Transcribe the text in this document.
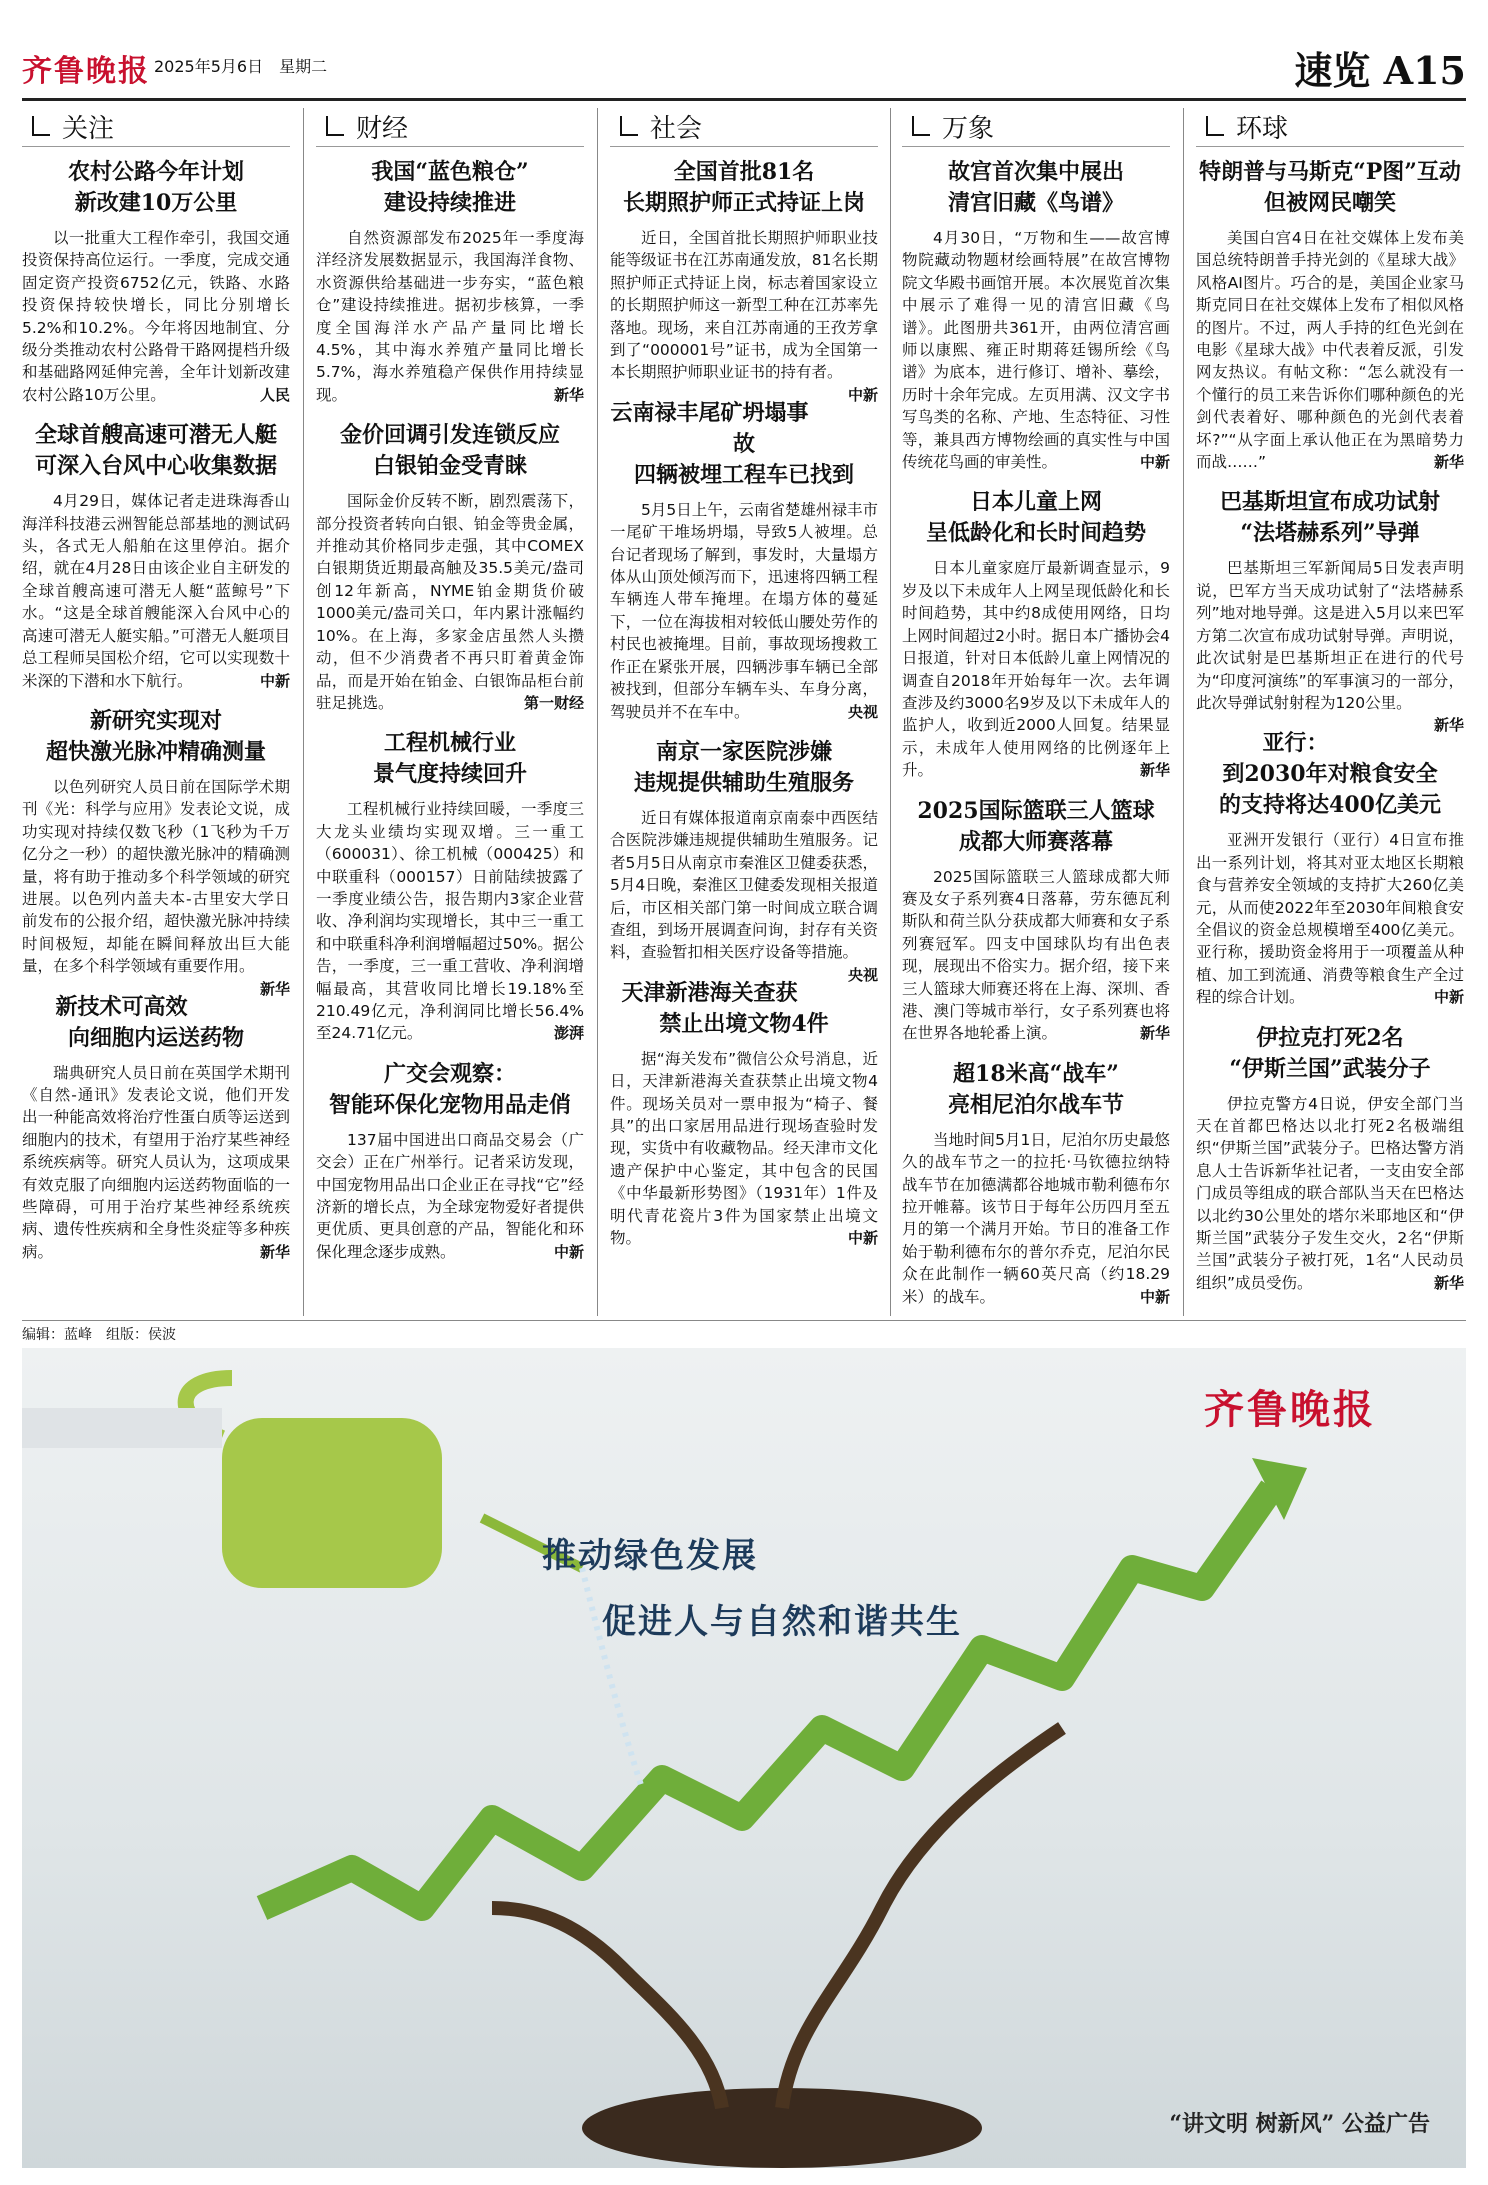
齐鲁晚报 2025年5月6日　星期二	速览 A15
关注
农村公路今年计划
新改建10万公里

以一批重大工程作牵引，我国交通投资保持高位运行。一季度，完成交通固定资产投资6752亿元，铁路、水路投资保持较快增长，同比分别增长5.2%和10.2%。今年将因地制宜、分级分类推动农村公路骨干路网提档升级和基础路网延伸完善，全年计划新改建农村公路10万公里。	人民

全球首艘高速可潜无人艇
可深入台风中心收集数据

4月29日，媒体记者走进珠海香山海洋科技港云洲智能总部基地的测试码头，各式无人船舶在这里停泊。据介绍，就在4月28日由该企业自主研发的全球首艘高速可潜无人艇“蓝鲸号”下水。“这是全球首艘能深入台风中心的高速可潜无人艇实船。”可潜无人艇项目总工程师吴国松介绍，它可以实现数十米深的下潜和水下航行。	中新

新研究实现对
超快激光脉冲精确测量

以色列研究人员日前在国际学术期刊《光：科学与应用》发表论文说，成功实现对持续仅数飞秒（1飞秒为千万亿分之一秒）的超快激光脉冲的精确测量，将有助于推动多个科学领域的研究进展。以色列内盖夫本-古里安大学日前发布的公报介绍，超快激光脉冲持续时间极短，却能在瞬间释放出巨大能量，在多个科学领域有重要作用。
新华

新技术可高效
向细胞内运送药物

瑞典研究人员日前在英国学术期刊《自然-通讯》发表论文说，他们开发出一种能高效将治疗性蛋白质等运送到细胞内的技术，有望用于治疗某些神经系统疾病等。研究人员认为，这项成果有效克服了向细胞内运送药物面临的一些障碍，可用于治疗某些神经系统疾病、遗传性疾病和全身性炎症等多种疾病。	新华

财经
我国“蓝色粮仓”
建设持续推进

自然资源部发布2025年一季度海洋经济发展数据显示，我国海洋食物、水资源供给基础进一步夯实，“蓝色粮仓”建设持续推进。据初步核算，一季度全国海洋水产品产量同比增长4.5%，其中海水养殖产量同比增长5.7%，海水养殖稳产保供作用持续显现。	新华

金价回调引发连锁反应
白银铂金受青睐

国际金价反转不断，剧烈震荡下，部分投资者转向白银、铂金等贵金属，并推动其价格同步走强，其中COMEX白银期货近期最高触及35.5美元/盎司创12年新高，NYME铂金期货价破1000美元/盎司关口，年内累计涨幅约10%。在上海，多家金店虽然人头攒动，但不少消费者不再只盯着黄金饰品，而是开始在铂金、白银饰品柜台前驻足挑选。	第一财经

工程机械行业
景气度持续回升

工程机械行业持续回暖，一季度三大龙头业绩均实现双增。三一重工（600031）、徐工机械（000425）和中联重科（000157）日前陆续披露了一季度业绩公告，报告期内3家企业营收、净利润均实现增长，其中三一重工和中联重科净利润增幅超过50%。据公告，一季度，三一重工营收、净利润增幅最高，其营收同比增长19.18%至210.49亿元，净利润同比增长56.4%至24.71亿元。	澎湃

广交会观察：
智能环保化宠物用品走俏

137届中国进出口商品交易会（广交会）正在广州举行。记者采访发现，中国宠物用品出口企业正在寻找“它”经济新的增长点，为全球宠物爱好者提供更优质、更具创意的产品，智能化和环保化理念逐步成熟。	中新

社会
全国首批81名
长期照护师正式持证上岗

近日，全国首批长期照护师职业技能等级证书在江苏南通发放，81名长期照护师正式持证上岗，标志着国家设立的长期照护师这一新型工种在江苏率先落地。现场，来自江苏南通的王孜芳拿到了“000001号”证书，成为全国第一本长期照护师职业证书的持有者。
中新

云南禄丰尾矿坍塌事故
四辆被埋工程车已找到

5月5日上午，云南省楚雄州禄丰市一尾矿干堆场坍塌，导致5人被埋。总台记者现场了解到，事发时，大量塌方体从山顶处倾泻而下，迅速将四辆工程车辆连人带车掩埋。在塌方体的蔓延下，一位在海拔相对较低山腰处劳作的村民也被掩埋。目前，事故现场搜救工作正在紧张开展，四辆涉事车辆已全部被找到，但部分车辆车头、车身分离，驾驶员并不在车中。	央视

南京一家医院涉嫌
违规提供辅助生殖服务

近日有媒体报道南京南泰中西医结合医院涉嫌违规提供辅助生殖服务。记者5月5日从南京市秦淮区卫健委获悉，5月4日晚，秦淮区卫健委发现相关报道后，市区相关部门第一时间成立联合调查组，到场开展调查问询，封存有关资料，查验暂扣相关医疗设备等措施。
央视

天津新港海关查获
禁止出境文物4件

据“海关发布”微信公众号消息，近日，天津新港海关查获禁止出境文物4件。现场关员对一票申报为“椅子、餐具”的出口家居用品进行现场查验时发现，实货中有收藏物品。经天津市文化遗产保护中心鉴定，其中包含的民国《中华最新形势图》（1931年）1件及明代青花瓷片3件为国家禁止出境文物。	中新

万象
故宫首次集中展出
清宫旧藏《鸟谱》

4月30日，“万物和生——故宫博物院藏动物题材绘画特展”在故宫博物院文华殿书画馆开展。本次展览首次集中展示了难得一见的清宫旧藏《鸟谱》。此图册共361开，由两位清宫画师以康熙、雍正时期蒋廷锡所绘《鸟谱》为底本，进行修订、增补、摹绘，历时十余年完成。左页用满、汉文字书写鸟类的名称、产地、生态特征、习性等，兼具西方博物绘画的真实性与中国传统花鸟画的审美性。	中新

日本儿童上网
呈低龄化和长时间趋势

日本儿童家庭厅最新调查显示，9岁及以下未成年人上网呈现低龄化和长时间趋势，其中约8成使用网络，日均上网时间超过2小时。据日本广播协会4日报道，针对日本低龄儿童上网情况的调查自2018年开始每年一次。去年调查涉及约3000名9岁及以下未成年人的监护人，收到近2000人回复。结果显示，未成年人使用网络的比例逐年上升。	新华

2025国际篮联三人篮球
成都大师赛落幕

2025国际篮联三人篮球成都大师赛及女子系列赛4日落幕，劳东德瓦利斯队和荷兰队分获成都大师赛和女子系列赛冠军。四支中国球队均有出色表现，展现出不俗实力。据介绍，接下来三人篮球大师赛还将在上海、深圳、香港、澳门等城市举行，女子系列赛也将在世界各地轮番上演。	新华

超18米高“战车”
亮相尼泊尔战车节

当地时间5月1日，尼泊尔历史最悠久的战车节之一的拉托·马钦德拉纳特战车节在加德满都谷地城市勒利德布尔拉开帷幕。该节日于每年公历四月至五月的第一个满月开始。节日的准备工作始于勒利德布尔的普尔乔克，尼泊尔民众在此制作一辆60英尺高（约18.29米）的战车。	中新

环球
特朗普与马斯克“P图”互动
但被网民嘲笑

美国白宫4日在社交媒体上发布美国总统特朗普手持光剑的《星球大战》风格AI图片。巧合的是，美国企业家马斯克同日在社交媒体上发布了相似风格的图片。不过，两人手持的红色光剑在电影《星球大战》中代表着反派，引发网友热议。有帖文称：“怎么就没有一个懂行的员工来告诉你们哪种颜色的光剑代表着好、哪种颜色的光剑代表着坏?”“从字面上承认他正在为黑暗势力而战……”	新华

巴基斯坦宣布成功试射
“法塔赫系列”导弹

巴基斯坦三军新闻局5日发表声明说，巴军方当天成功试射了“法塔赫系列”地对地导弹。这是进入5月以来巴军方第二次宣布成功试射导弹。声明说，此次试射是巴基斯坦正在进行的代号为“印度河演练”的军事演习的一部分，此次导弹试射射程为120公里。
新华

亚行：
到2030年对粮食安全
的支持将达400亿美元

亚洲开发银行（亚行）4日宣布推出一系列计划，将其对亚太地区长期粮食与营养安全领域的支持扩大260亿美元，从而使2022年至2030年间粮食安全倡议的资金总规模增至400亿美元。亚行称，援助资金将用于一项覆盖从种植、加工到流通、消费等粮食生产全过程的综合计划。	中新

伊拉克打死2名
“伊斯兰国”武装分子

伊拉克警方4日说，伊安全部门当天在首都巴格达以北打死2名极端组织“伊斯兰国”武装分子。巴格达警方消息人士告诉新华社记者，一支由安全部门成员等组成的联合部队当天在巴格达以北约30公里处的塔尔米耶地区和“伊斯兰国”武装分子发生交火，2名“伊斯兰国”武装分子被打死，1名“人民动员组织”成员受伤。	新华

编辑：蓝峰　组版：侯波
齐鲁晚报
推动绿色发展
促进人与自然和谐共生
“讲文明 树新风” 公益广告
